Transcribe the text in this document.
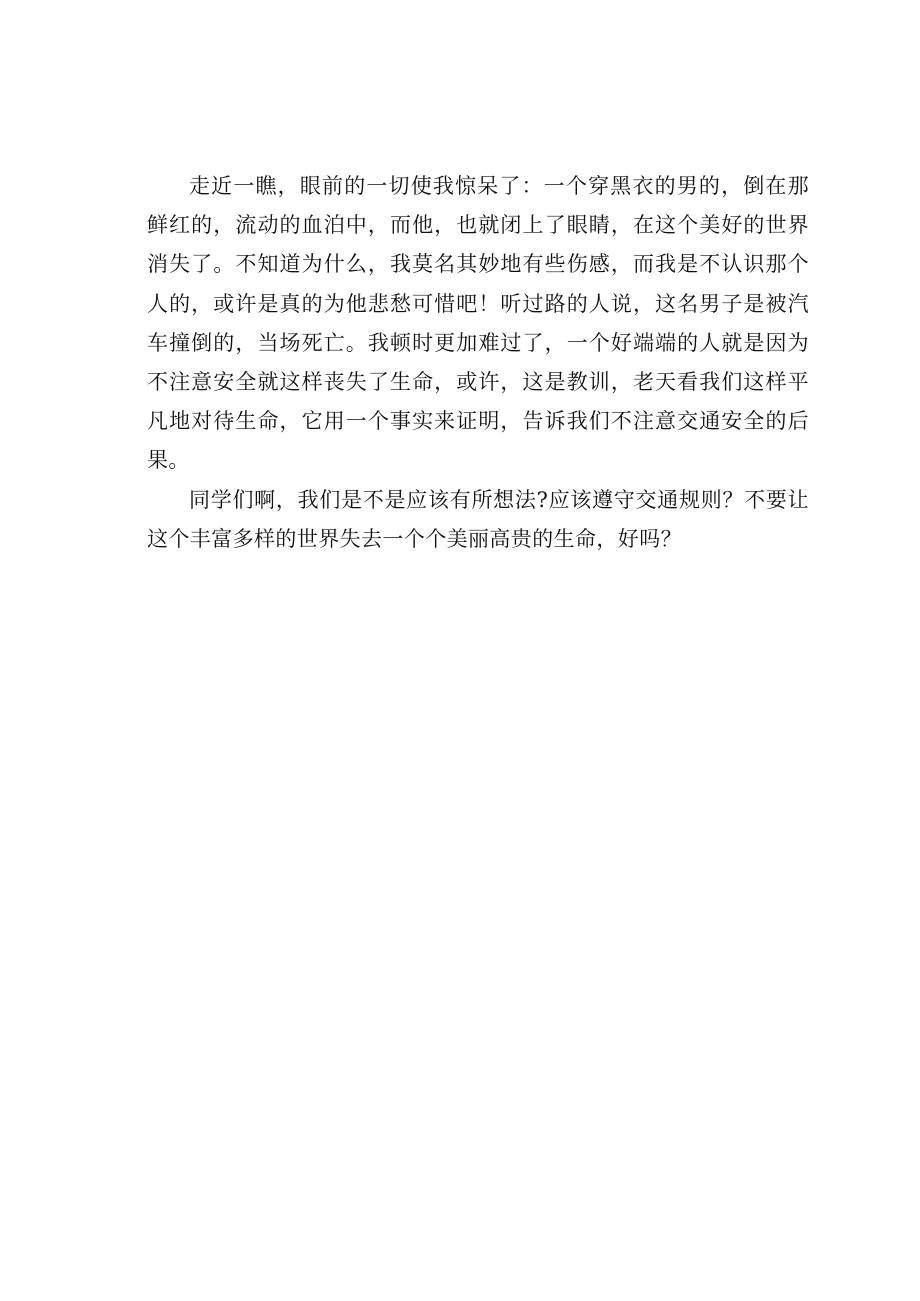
走近一瞧，眼前的一切使我惊呆了：一个穿黑衣的男的，倒在那鲜红的，流动的血泊中，而他，也就闭上了眼睛，在这个美好的世界消失了。不知道为什么，我莫名其妙地有些伤感，而我是不认识那个人的，或许是真的为他悲愁可惜吧！听过路的人说，这名男子是被汽车撞倒的，当场死亡。我顿时更加难过了，一个好端端的人就是因为不注意安全就这样丧失了生命，或许，这是教训，老天看我们这样平凡地对待生命，它用一个事实来证明，告诉我们不注意交通安全的后果。

同学们啊，我们是不是应该有所想法?应该遵守交通规则？不要让这个丰富多样的世界失去一个个美丽高贵的生命，好吗？
